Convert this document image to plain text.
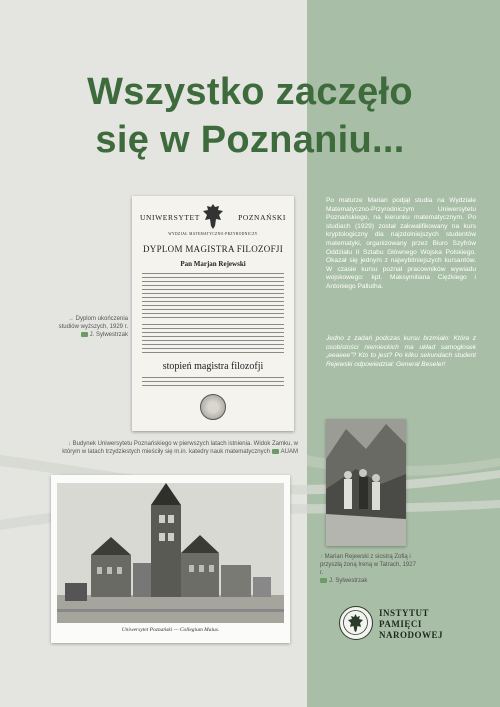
Wszystko zaczęło
się w Poznaniu...
UNIWERSYTET	POZNAŃSKI
WYDZIAŁ MATEMATYCZNO-PRZYRODNICZY
DYPLOM MAGISTRA FILOZOFJI
Pan Marjan Rejewski
stopień magistra filozofji
→ Dyplom ukończenia studiów wyższych, 1929 r.
J. Sylwestrzak
↓ Budynek Uniwersytetu Poznańskiego w pierwszych latach istnienia. Widok Zamku, w którym w latach trzydziestych mieściły się m.in. katedry nauk matematycznych AUAM
Uniwersytet Poznański — Collegium Maius.
Po maturze Marian podjął studia na Wydziale Matematyczno-Przyrodniczym Uniwersytetu Poznańskiego, na kierunku matematycznym. Po studiach (1929) został zakwalifikowany na kurs kryptologiczny dla najzdolniejszych studentów matematyki, organizowany przez Biuro Szyfrów Oddziału II Sztabu Głównego Wojska Polskiego. Okazał się jednym z najwybitniejszych kursantów. W czasie kursu poznał pracowników wywiadu wojskowego: kpt. Maksymiliana Ciężkiego i Antoniego Palluthа.
Jedno z zadań podczas kursu brzmiało: Która z osobistości niemieckich ma układ samogłosek „eeaeee"? Kto to jest? Po kilku sekundach student Rejewski odpowiedział: General Beseler!
↑ Marian Rejewski z siostrą Zofią i przyszłą żoną Ireną w Tatrach, 1927 r.
J. Sylwestrzak
INSTYTUT
PAMIĘCI
NARODOWEJ
